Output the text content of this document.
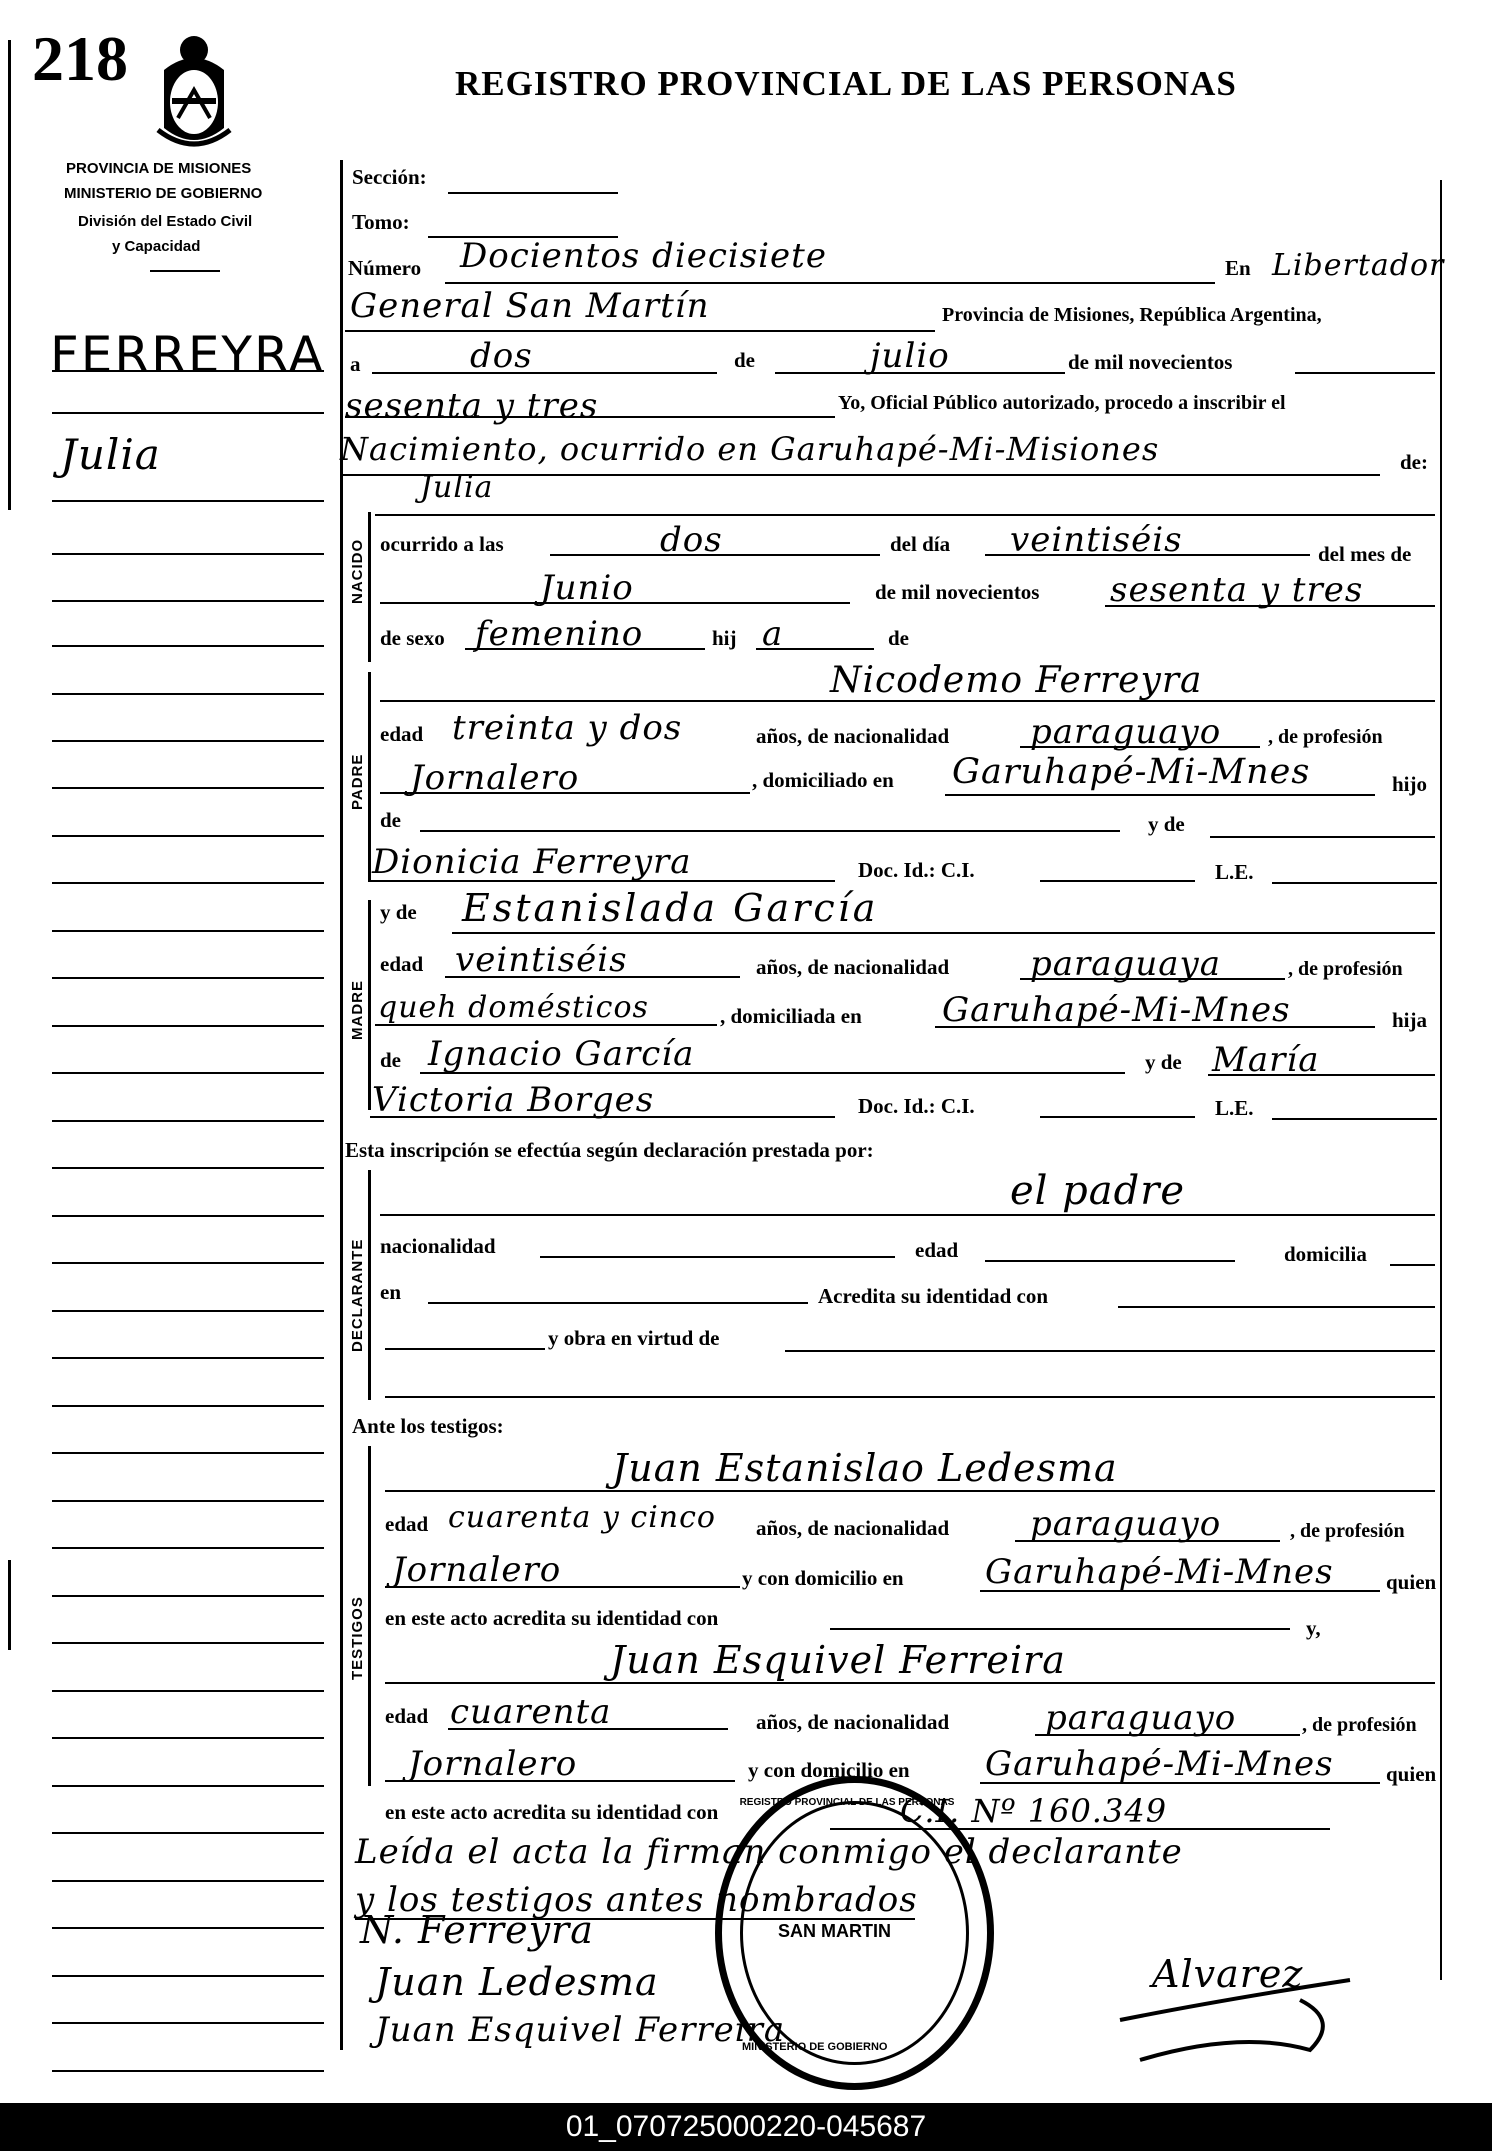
218	REGISTRO PROVINCIAL DE LAS PERSONAS
PROVINCIA DE MISIONES
MINISTERIO DE GOBIERNO
División del Estado Civil
y Capacidad
FERREYRA
Julia
Sección:
Tomo:
Número Docientos diecisiete	En Libertador
General San Martín	Provincia de Misiones, República Argentina,
a	dos	de	julio	de mil novecientos
sesenta y tres	Yo, Oficial Público autorizado, procedo a inscribir el
Nacimiento, ocurrido en Garuhapé-Mi-Misiones	de:
Julia
NACIDO ocurrido a las	dos	del día veintiséis	del mes de
Junio	de mil novecientos sesenta y tres
de sexo femenino	hij a	de
PADRE
Nicodemo Ferreyra
edad treinta y dos	años, de nacionalidad paraguayo , de profesión
Jornalero	, domiciliado en Garuhapé-Mi-Mnes	hijo
de	y de
Dionicia Ferreyra	Doc. Id.: C.I.	L.E.
MADRE
y de Estanislada García
edad veintiséis	años, de nacionalidad paraguaya	, de profesión
queh domésticos	, domiciliada en Garuhapé-Mi-Mnes	hija
de Ignacio García	y de María
Victoria Borges	Doc. Id.: C.I.	L.E.
Esta inscripción se efectúa según declaración prestada por:
DECLARANTE
el padre
nacionalidad	edad	domicilia
en	Acredita su identidad con
y obra en virtud de
Ante los testigos:
TESTIGOS
Juan Estanislao Ledesma
edad cuarenta y cinco años, de nacionalidad paraguayo	, de profesión
Jornalero	y con domicilio en Garuhapé-Mi-Mnes quien
en este acto acredita su identidad con	y,
Juan Esquivel Ferreira
edad cuarenta	años, de nacionalidad	paraguayo	, de profesión
Jornalero	y con domicilio en Garuhapé-Mi-Mnes quien
en este acto acredita su identidad con	C.I. Nº 160.349
Leída el acta la firman conmigo el declarante
y los testigos antes nombrados
N. Ferreyra
Juan Ledesma
Juan Esquivel Ferreira
Alvarez
REGISTRO PROVINCIAL DE LAS PERSONAS
SAN MARTIN
MINISTERIO DE GOBIERNO
01_070725000220-045687
